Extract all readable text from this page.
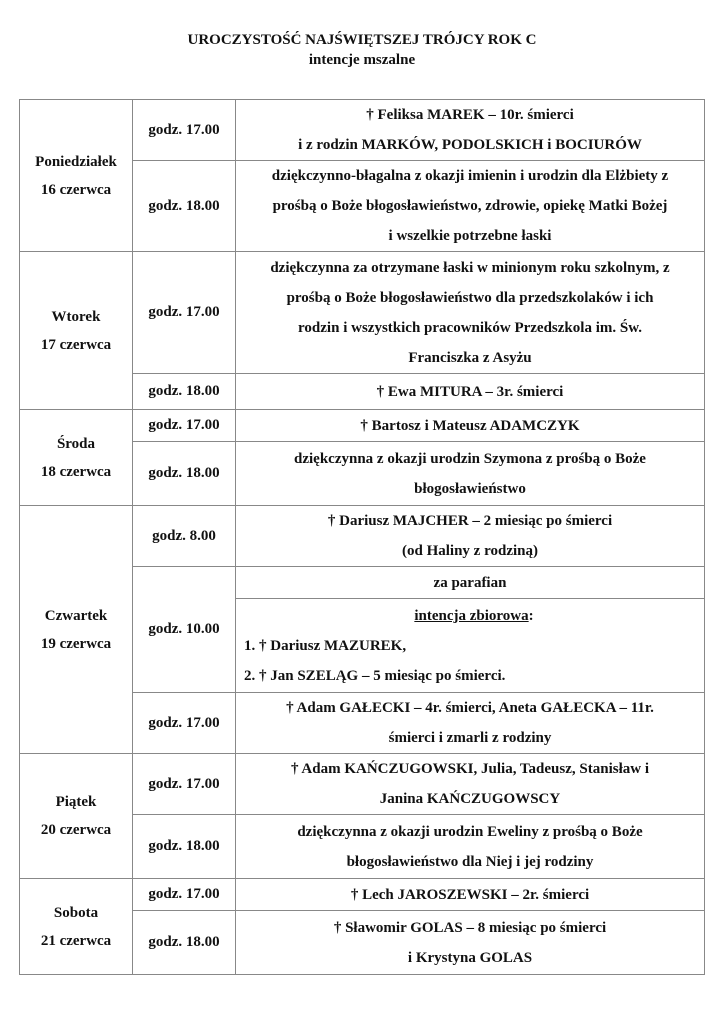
UROCZYSTOŚĆ NAJŚWIĘTSZEJ TRÓJCY ROK C
intencje mszalne
Poniedziałek
16 czerwca	godz. 17.00	† Feliksa MAREK – 10r. śmierci
i z rodzin MARKÓW, PODOLSKICH i BOCIURÓW

	godz. 18.00	dziękczynno-błagalna z okazji imienin i urodzin dla Elżbiety z
prośbą o Boże błogosławieństwo, zdrowie, opiekę Matki Bożej
i wszelkie potrzebne łaski

Wtorek
17 czerwca	godz. 17.00	dziękczynna za otrzymane łaski w minionym roku szkolnym, z
prośbą o Boże błogosławieństwo dla przedszkolaków i ich
rodzin i wszystkich pracowników Przedszkola im. Św.
Franciszka z Asyżu

	godz. 18.00	† Ewa MITURA – 3r. śmierci

Środa
18 czerwca	godz. 17.00	† Bartosz i Mateusz ADAMCZYK

	godz. 18.00	dziękczynna z okazji urodzin Szymona z prośbą o Boże
błogosławieństwo

Czwartek
19 czerwca	godz. 8.00	† Dariusz MAJCHER – 2 miesiąc po śmierci
(od Haliny z rodziną)

	godz. 10.00	za parafian

		intencja zbiorowa:
1. † Dariusz MAZUREK,
2. † Jan SZELĄG – 5 miesiąc po śmierci.

	godz. 17.00	† Adam GAŁECKI – 4r. śmierci, Aneta GAŁECKA – 11r.
śmierci i zmarli z rodziny

Piątek
20 czerwca	godz. 17.00	† Adam KAŃCZUGOWSKI, Julia, Tadeusz, Stanisław i
Janina KAŃCZUGOWSCY

	godz. 18.00	dziękczynna z okazji urodzin Eweliny z prośbą o Boże
błogosławieństwo dla Niej i jej rodziny

Sobota
21 czerwca	godz. 17.00	† Lech JAROSZEWSKI – 2r. śmierci

	godz. 18.00	† Sławomir GOLAS – 8 miesiąc po śmierci
i Krystyna GOLAS
